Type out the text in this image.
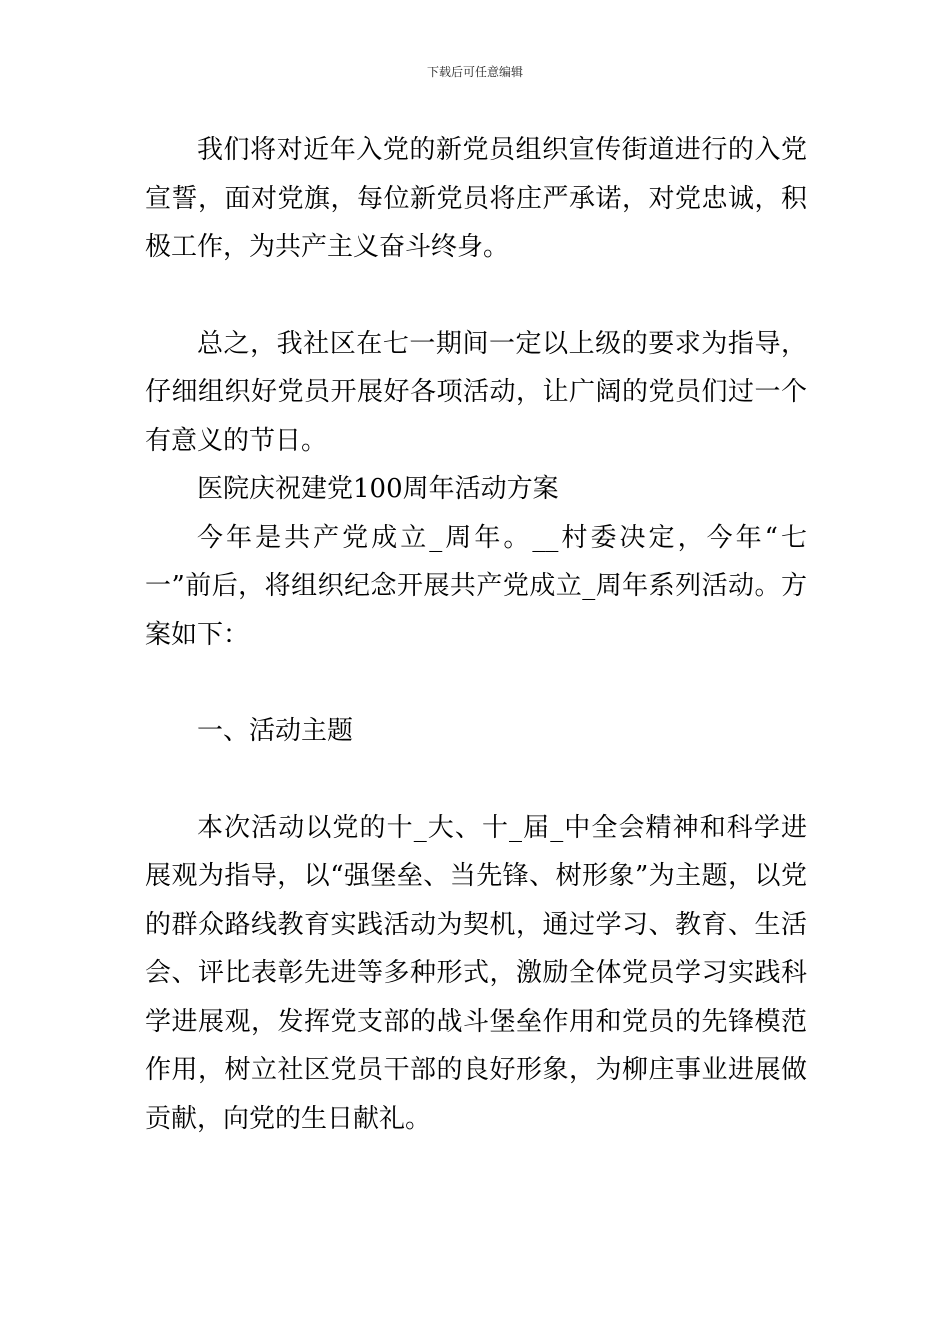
下载后可任意编辑

我们将对近年入党的新党员组织宣传街道进行的入党宣誓，面对党旗，每位新党员将庄严承诺，对党忠诚，积极工作，为共产主义奋斗终身。

总之，我社区在七一期间一定以上级的要求为指导，仔细组织好党员开展好各项活动，让广阔的党员们过一个有意义的节日。

医院庆祝建党100周年活动方案

今年是共产党成立_周年。__村委决定，今年“七一”前后，将组织纪念开展共产党成立_周年系列活动。方案如下：

一、活动主题

本次活动以党的十_大、十_届_中全会精神和科学进展观为指导，以“强堡垒、当先锋、树形象”为主题，以党的群众路线教育实践活动为契机，通过学习、教育、生活会、评比表彰先进等多种形式，激励全体党员学习实践科学进展观，发挥党支部的战斗堡垒作用和党员的先锋模范作用，树立社区党员干部的良好形象，为柳庄事业进展做贡献，向党的生日献礼。
